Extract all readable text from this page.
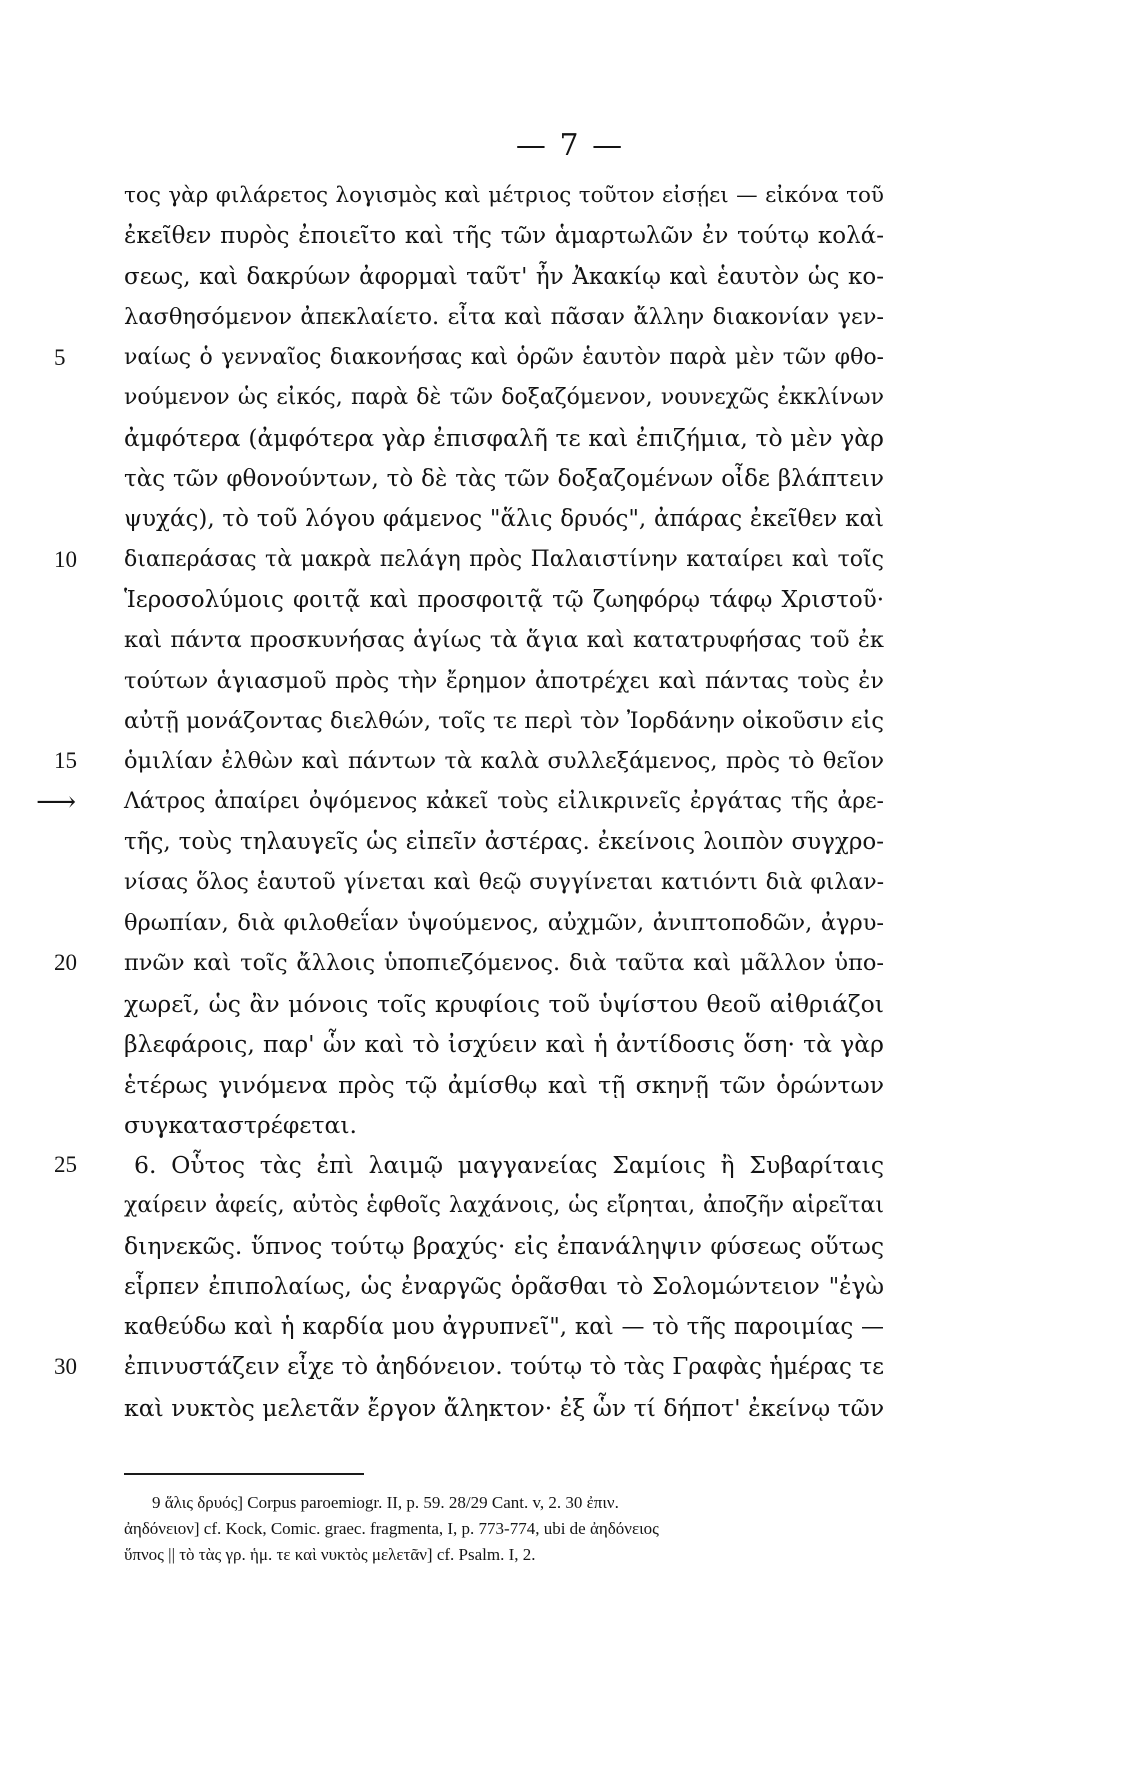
— 7 —
τος γὰρ φιλάρετος λογισμὸς καὶ μέτριος τοῦτον εἰσῄει — εἰκόνα τοῦ
ἐκεῖθεν πυρὸς ἐποιεῖτο καὶ τῆς τῶν ἁμαρτωλῶν ἐν τούτῳ κολά-
σεως, καὶ δακρύων ἀφορμαὶ ταῦτ' ἦν Ἀκακίῳ καὶ ἑαυτὸν ὡς κο-
λασθησόμενον ἀπεκλαίετο. εἶτα καὶ πᾶσαν ἄλλην διακονίαν γεν-
5	ναίως ὁ γενναῖος διακονήσας καὶ ὁρῶν ἑαυτὸν παρὰ μὲν τῶν φθο-
νούμενον ὡς εἰκός, παρὰ δὲ τῶν δοξαζόμενον, νουνεχῶς ἐκκλίνων
ἀμφότερα (ἀμφότερα γὰρ ἐπισφαλῆ τε καὶ ἐπιζήμια, τὸ μὲν γὰρ
τὰς τῶν φθονούντων, τὸ δὲ τὰς τῶν δοξαζομένων οἶδε βλάπτειν
ψυχάς), τὸ τοῦ λόγου φάμενος "ἅλις δρυός", ἀπάρας ἐκεῖθεν καὶ
10	διαπεράσας τὰ μακρὰ πελάγη πρὸς Παλαιστίνην καταίρει καὶ τοῖς
Ἱεροσολύμοις φοιτᾷ καὶ προσφοιτᾷ τῷ ζωηφόρῳ τάφῳ Χριστοῦ·
καὶ πάντα προσκυνήσας ἁγίως τὰ ἅγια καὶ κατατρυφήσας τοῦ ἐκ
τούτων ἁγιασμοῦ πρὸς τὴν ἔρημον ἀποτρέχει καὶ πάντας τοὺς ἐν
αὐτῇ μονάζοντας διελθών, τοῖς τε περὶ τὸν Ἰορδάνην οἰκοῦσιν εἰς
15	ὁμιλίαν ἐλθὼν καὶ πάντων τὰ καλὰ συλλεξάμενος, πρὸς τὸ θεῖον
⟶ Λάτρος ἀπαίρει ὀψόμενος κἀκεῖ τοὺς εἰλικρινεῖς ἐργάτας τῆς ἀρε-
τῆς, τοὺς τηλαυγεῖς ὡς εἰπεῖν ἀστέρας. ἐκείνοις λοιπὸν συγχρο-
νίσας ὅλος ἑαυτοῦ γίνεται καὶ θεῷ συγγίνεται κατιόντι διὰ φιλαν-
θρωπίαν, διὰ φιλοθεΐαν ὑψούμενος, αὐχμῶν, ἀνιπτοποδῶν, ἀγρυ-
20	πνῶν καὶ τοῖς ἄλλοις ὑποπιεζόμενος. διὰ ταῦτα καὶ μᾶλλον ὑπο-
χωρεῖ, ὡς ἂν μόνοις τοῖς κρυφίοις τοῦ ὑψίστου θεοῦ αἰθριάζοι
βλεφάροις, παρ' ὧν καὶ τὸ ἰσχύειν καὶ ἡ ἀντίδοσις ὅση· τὰ γὰρ
ἑτέρως γινόμενα πρὸς τῷ ἀμίσθῳ καὶ τῇ σκηνῇ τῶν ὁρώντων
συγκαταστρέφεται.
25	6. Οὗτος τὰς ἐπὶ λαιμῷ μαγγανείας Σαμίοις ἢ Συβαρίταις
χαίρειν ἀφείς, αὐτὸς ἑφθοῖς λαχάνοις, ὡς εἴρηται, ἀποζῆν αἱρεῖται
διηνεκῶς. ὕπνος τούτῳ βραχύς· εἰς ἐπανάληψιν φύσεως οὕτως
εἷρπεν ἐπιπολαίως, ὡς ἐναργῶς ὁρᾶσθαι τὸ Σολομώντειον "ἐγὼ
καθεύδω καὶ ἡ καρδία μου ἀγρυπνεῖ", καὶ — τὸ τῆς παροιμίας —
30	ἐπινυστάζειν εἶχε τὸ ἀηδόνειον. τούτῳ τὸ τὰς Γραφὰς ἡμέρας τε
καὶ νυκτὸς μελετᾶν ἔργον ἄληκτον· ἐξ ὧν τί δήποτ' ἐκείνῳ τῶν
9 ἅλις δρυός] Corpus paroemiogr. II, p. 59. 28/29 Cant. v, 2. 30 ἐπιν.
ἀηδόνειον] cf. Kock, Comic. graec. fragmenta, I, p. 773-774, ubi de ἀηδόνειος
ὕπνος || τὸ τὰς γρ. ἡμ. τε καὶ νυκτὸς μελετᾶν] cf. Psalm. I, 2.
